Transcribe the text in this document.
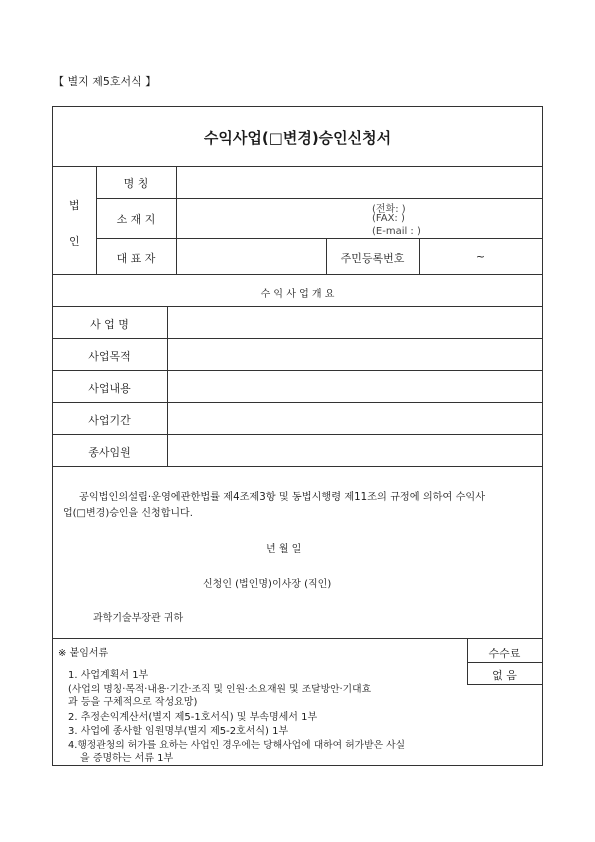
【 별지 제5호서식 】
수익사업(□변경)승인신청서
법
인
명 칭
소 재 지
(전화: )
(FAX: )
(E-mail : )
대 표 자	주민등록번호	~
수 익 사 업 개 요
사 업 명
사업목적
사업내용
사업기간
종사임원
공익법인의설립·운영에관한법률 제4조제3항 및 동법시행령 제11조의 규정에 의하여 수익사
업(□변경)승인을 신청합니다.
년 월 일
신청인 (법인명)이사장 (직인)
과학기술부장관 귀하
수수료
없 음
※ 붙임서류
1. 사업계획서 1부
(사업의 명칭·목적·내용·기간·조직 및 인원·소요재원 및 조달방안·기대효
과 등을 구체적으로 작성요망)
2. 추정손익계산서(별지 제5-1호서식) 및 부속명세서 1부
3. 사업에 종사할 임원명부(별지 제5-2호서식) 1부
4.행정관청의 허가를 요하는 사업인 경우에는 당해사업에 대하여 허가받은 사실
을 증명하는 서류 1부
